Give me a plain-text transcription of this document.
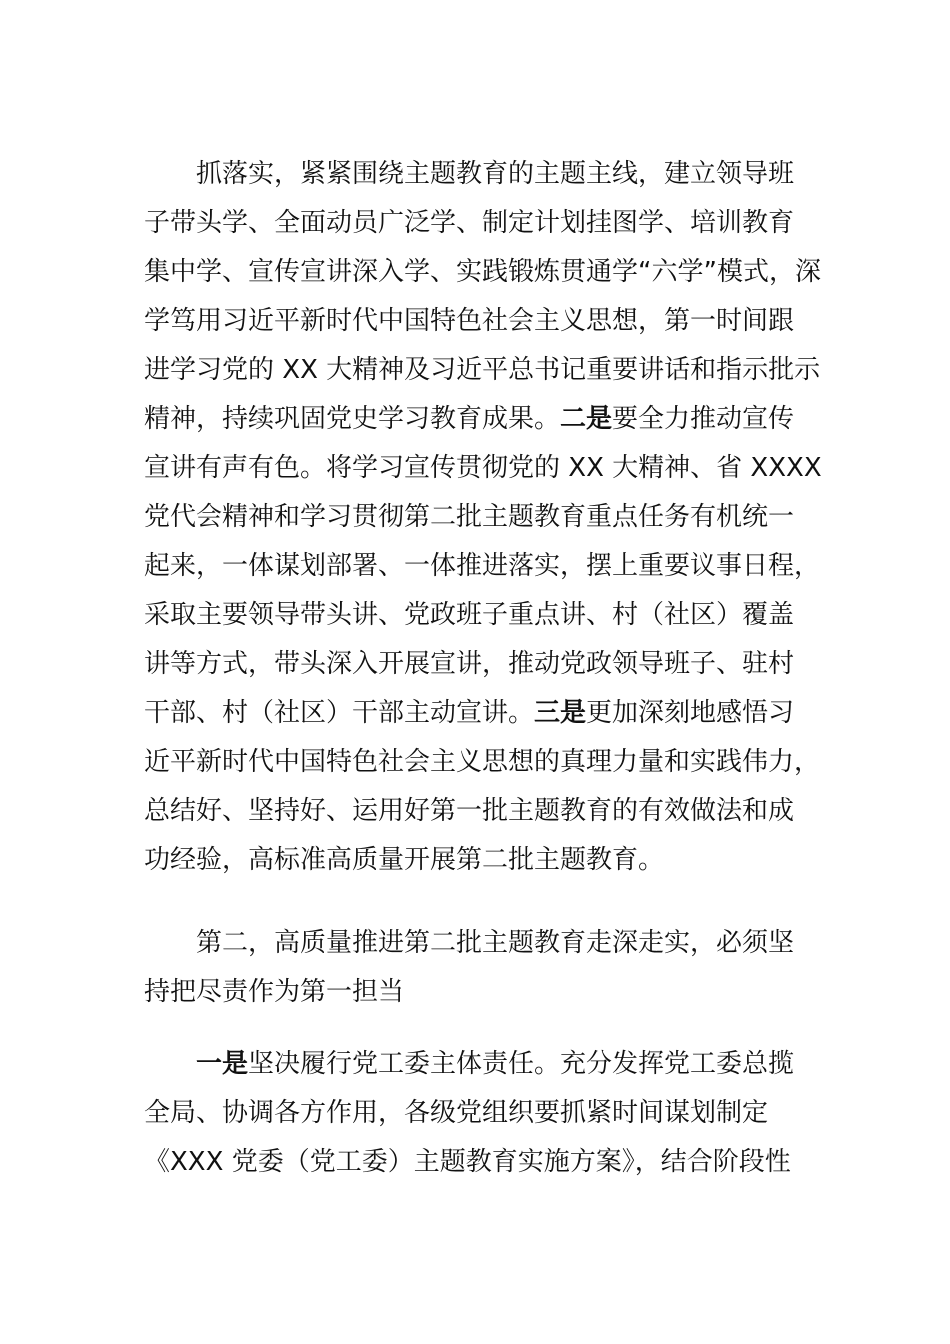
抓落实，紧紧围绕主题教育的主题主线，建立领导班
子带头学、全面动员广泛学、制定计划挂图学、培训教育
集中学、宣传宣讲深入学、实践锻炼贯通学“六学”模式，深
学笃用习近平新时代中国特色社会主义思想，第一时间跟
进学习党的 XX 大精神及习近平总书记重要讲话和指示批示
精神，持续巩固党史学习教育成果。二是要全力推动宣传
宣讲有声有色。将学习宣传贯彻党的 XX 大精神、省 XXXX
党代会精神和学习贯彻第二批主题教育重点任务有机统一
起来，一体谋划部署、一体推进落实，摆上重要议事日程，
采取主要领导带头讲、党政班子重点讲、村（社区）覆盖
讲等方式，带头深入开展宣讲，推动党政领导班子、驻村
干部、村（社区）干部主动宣讲。三是更加深刻地感悟习
近平新时代中国特色社会主义思想的真理力量和实践伟力，
总结好、坚持好、运用好第一批主题教育的有效做法和成
功经验，高标准高质量开展第二批主题教育。

第二，高质量推进第二批主题教育走深走实，必须坚
持把尽责作为第一担当

一是坚决履行党工委主体责任。充分发挥党工委总揽
全局、协调各方作用，各级党组织要抓紧时间谋划制定
《XXX 党委（党工委）主题教育实施方案》，结合阶段性
